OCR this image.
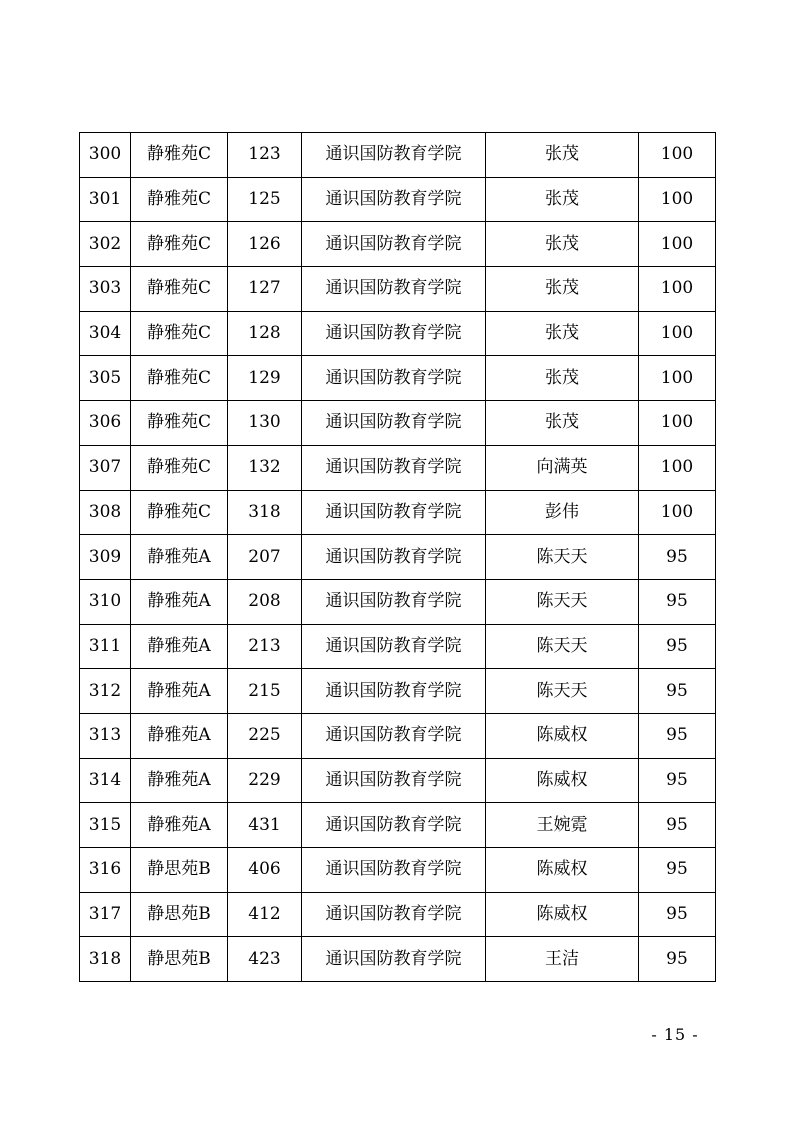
300	静雅苑C	123	通识国防教育学院	张茂	100
301	静雅苑C	125	通识国防教育学院	张茂	100
302	静雅苑C	126	通识国防教育学院	张茂	100
303	静雅苑C	127	通识国防教育学院	张茂	100
304	静雅苑C	128	通识国防教育学院	张茂	100
305	静雅苑C	129	通识国防教育学院	张茂	100
306	静雅苑C	130	通识国防教育学院	张茂	100
307	静雅苑C	132	通识国防教育学院	向满英	100
308	静雅苑C	318	通识国防教育学院	彭伟	100
309	静雅苑A	207	通识国防教育学院	陈天天	95
310	静雅苑A	208	通识国防教育学院	陈天天	95
311	静雅苑A	213	通识国防教育学院	陈天天	95
312	静雅苑A	215	通识国防教育学院	陈天天	95
313	静雅苑A	225	通识国防教育学院	陈威权	95
314	静雅苑A	229	通识国防教育学院	陈威权	95
315	静雅苑A	431	通识国防教育学院	王婉霓	95
316	静思苑B	406	通识国防教育学院	陈威权	95
317	静思苑B	412	通识国防教育学院	陈威权	95
318	静思苑B	423	通识国防教育学院	王洁	95
- 15 -
